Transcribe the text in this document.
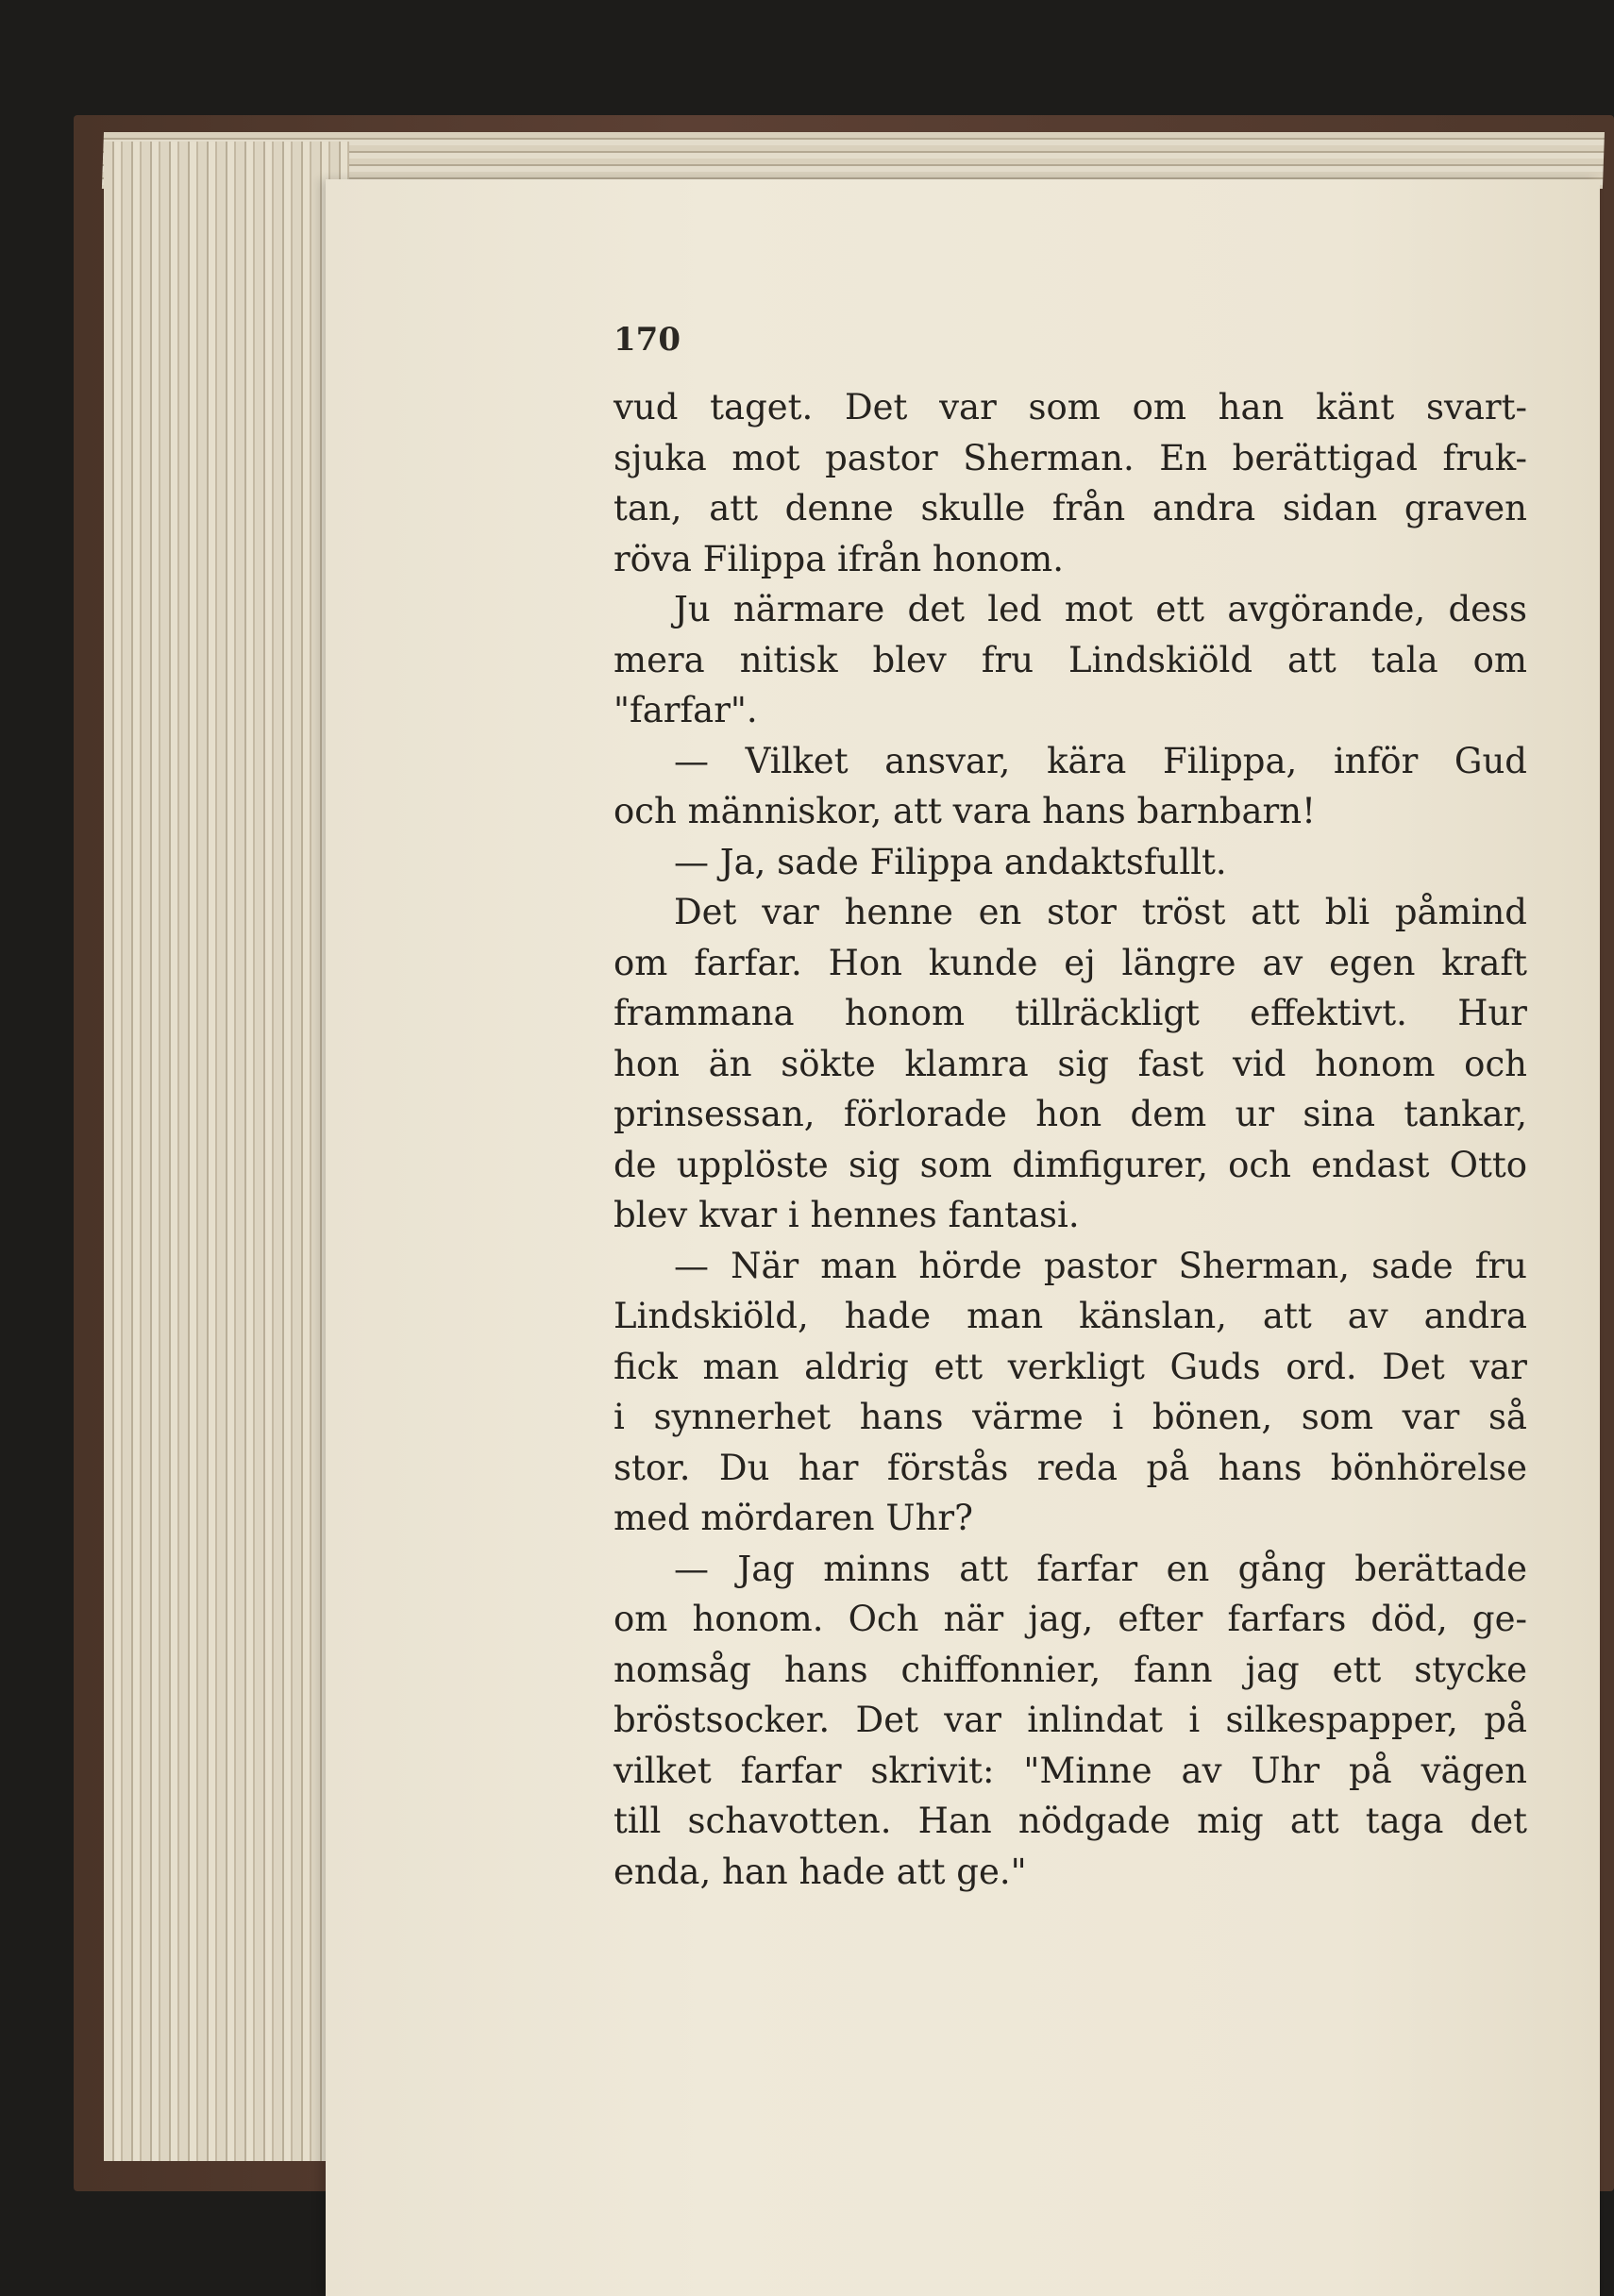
170

vud taget. Det var som om han känt svart-
sjuka mot pastor Sherman. En berättigad fruk-
tan, att denne skulle från andra sidan graven
röva Filippa ifrån honom.
Ju närmare det led mot ett avgörande, dess
mera nitisk blev fru Lindskiöld att tala om
"farfar".
— Vilket ansvar, kära Filippa, inför Gud
och människor, att vara hans barnbarn!
— Ja, sade Filippa andaktsfullt.
Det var henne en stor tröst att bli påmind
om farfar. Hon kunde ej längre av egen kraft
frammana honom tillräckligt effektivt. Hur
hon än sökte klamra sig fast vid honom och
prinsessan, förlorade hon dem ur sina tankar,
de upplöste sig som dimfigurer, och endast Otto
blev kvar i hennes fantasi.
— När man hörde pastor Sherman, sade fru
Lindskiöld, hade man känslan, att av andra
fick man aldrig ett verkligt Guds ord. Det var
i synnerhet hans värme i bönen, som var så
stor. Du har förstås reda på hans bönhörelse
med mördaren Uhr?
— Jag minns att farfar en gång berättade
om honom. Och när jag, efter farfars död, ge-
nomsåg hans chiffonnier, fann jag ett stycke
bröstsocker. Det var inlindat i silkespapper, på
vilket farfar skrivit: "Minne av Uhr på vägen
till schavotten. Han nödgade mig att taga det
enda, han hade att ge."
